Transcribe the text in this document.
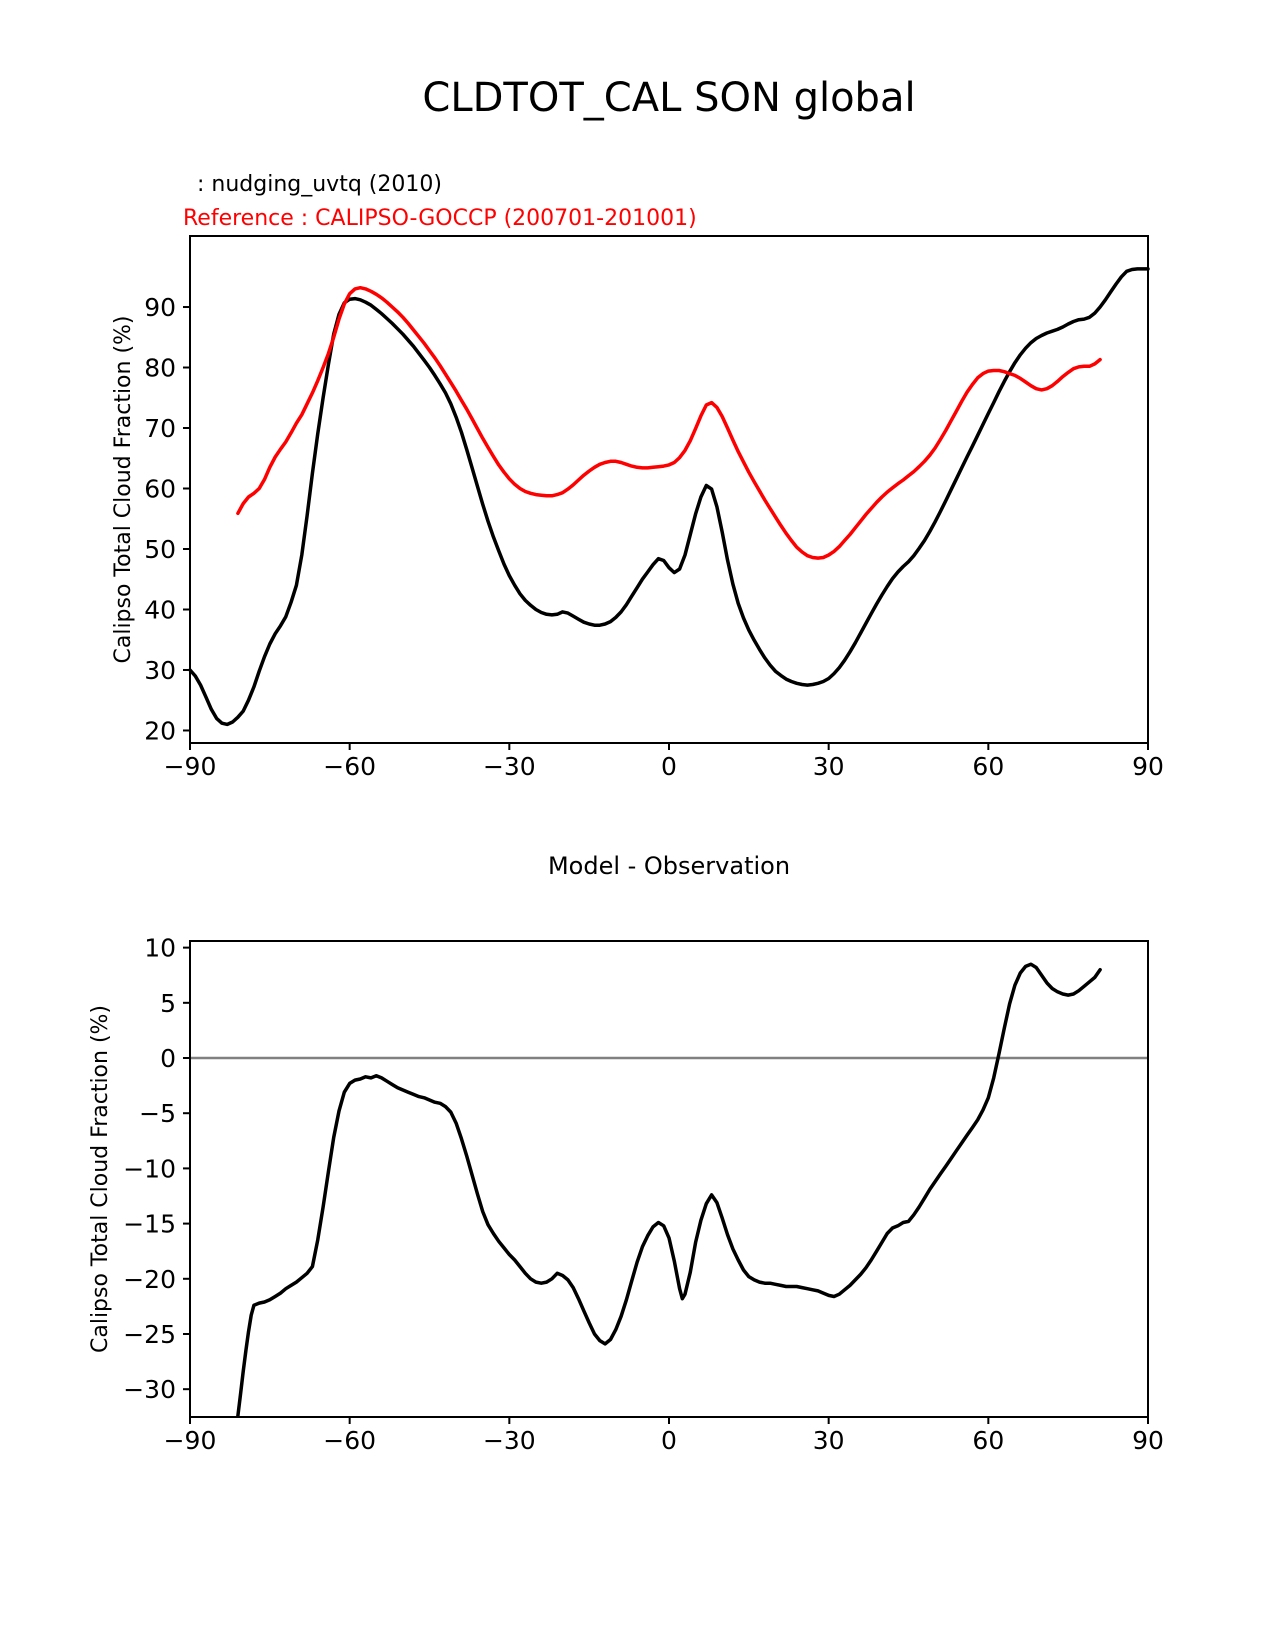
CLDTOT_CAL SON global
: nudging_uvtq (2010)
Reference : CALIPSO-GOCCP (200701-201001)
Model - Observation
−90	−60	−30	0	30	60	90
20
30
40
50
60
70
80
90
Calipso Total Cloud Fraction (%)
−90	−60	−30	0	30	60	90
10
5
0
−5
−10
−15
−20
−25
−30
Calipso Total Cloud Fraction (%)
